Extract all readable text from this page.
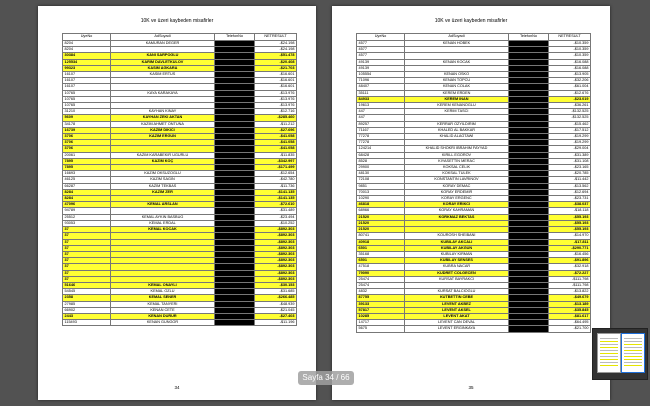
10K ve üzeri kaybeden misafirler
UyeNo	AdSoyadi	TelefonNo	NETRESULT
8204	KAMURAN DEGER		-$24.198
8204			-$24.198
30384	KANI SARPOGLU		-$51.478
125534	KARIM DAVLETKULOV		-$20.408
99323	KASIM AGKARA		-$21.703
16107	KASIM ERTUS		-$16.601
16107			-$16.601
16107			-$16.601
10765	KAYA KARAKAYA		-$13.976
10765			-$13.976
10765			-$13.976
31210	KAYHAN KINAY		-$12.716
5609	KAYHAN ZEKI AKTAN		-$285.460
34178	KAZIM AHMET ONTUNA		-$11.212
16739	KAZIM DIKICI		-$27.696
3706	KAZIM ERGUN		-$41.058
3706			-$41.058
3706			-$41.058
20061	KAZIM KARABEKIR UGURLU		-$11.835
7895	KAZIM KOÇ		-$342.997
7895			-$171.499
16693	KAZIM OKSUZOGLU		-$12.654
46125	KAZIM SAGIN		-$42.780
66287	KAZIM TEKBAS		-$11.736
8284	KAZIM ZER		-$141.135
8284			-$141.135
47096	KEMAL ARSLAN		-$72.610
94789			-$31.489
25512	KEMAL AYKIN BASBUG		-$23.494
93053	KEMAL ERDAL		-$10.252
37	KEMAL KOCAK		-$892.303
37			-$892.303
37			-$892.303
37			-$892.303
37			-$892.303
37			-$892.303
37			-$892.303
37			-$892.303
37			-$892.303
51646	KEMAL ONAYLI		-$30.153
54545	KEMAL OZLU		-$31.685
2358	KEMAL SENER		-$266.485
27985	KEMAL TANYERI		-$48.939
66902	KENAN CETE		-$21.045
2443	KENAN DURUR		-$27.403
115493	KENAN GUNGOR		-$11.196
34
10K ve üzeri kaybeden misafirler
UyeNo	AdSoyadi	TelefonNo	NETRESULT
4577	KENAN HOBEK		-$10.359
4577			-$10.359
4577			-$10.359
49139	KENAN KOCAK		-$16.088
49139			-$16.088
105554	KENAN OSKO		-$13.905
71096	KENAN TOPCU		-$32.206
48407	KENAN COLAK		-$61.004
35111	KEREM ERDEN		-$12.676
84933	KEREM INAN		-$23.019
19613	KEREM KENANOGLU		-$36.261
447	KERIM TASCI		-$132.525
447			-$132.525
89257	KERRAR OZYILDIRIM		-$15.462
71167	KHALED AL BAKKAR		-$17.512
77278	KHALID ALAGTAWI		-$19.299
77278			-$19.299
124214	KHALID SHOKRI IBRAHIM FAYYAD		-$29.004
68428	KIRILL EGOROV		-$31.389
8528	KIYASETTIN MERAC		-$31.108
29900	KOKSAL CELIK		-$23.165
48130	KOKSAL TULEK		-$20.785
72108	KONSTANTIN LAVRINOV		-$11.442
9851	KORAY DEMAC		-$13.562
70013	KORAY ERDEMIR		-$12.694
10290	KORAY ERGENC		-$23.731
46818	KORAY ERIKCI		-$38.037
68966	KORAY KAHRAMAN		-$18.118
21520	KORKMAZ BEKTAS		-$55.193
21520			-$55.193
21520			-$55.193
80741	KOUROSH SHEIBANI		-$14.970
40918	KUBILAY AKCALI		-$17.811
6501	KUBILAY AKGUN		-$290.771
35168	KUBILAY KIRMAN		-$16.456
6501	KUBILAY SENSES		-$91.896
47518	KUBRA NACAR		-$32.918
79090	KUDRET COLGECEN		-$72.227
25474	KURSAT BAYRAKCI		-$111.798
25474			-$111.798
4832	KURSAT BALCIOGLU		-$13.822
87755	KUTBETTIN CEBE		-$49.679
39133	LEVENT AKBEZ		-$13.189
57817	LEVENT AKSEL		-$35.845
10285	LEVENT AKAT		-$81.617
14717	LEVENT CAN DEVAL		-$64.495
5675	LEVENT ERGINKAYA		-$21.700
35
Sayfa 34 / 66
